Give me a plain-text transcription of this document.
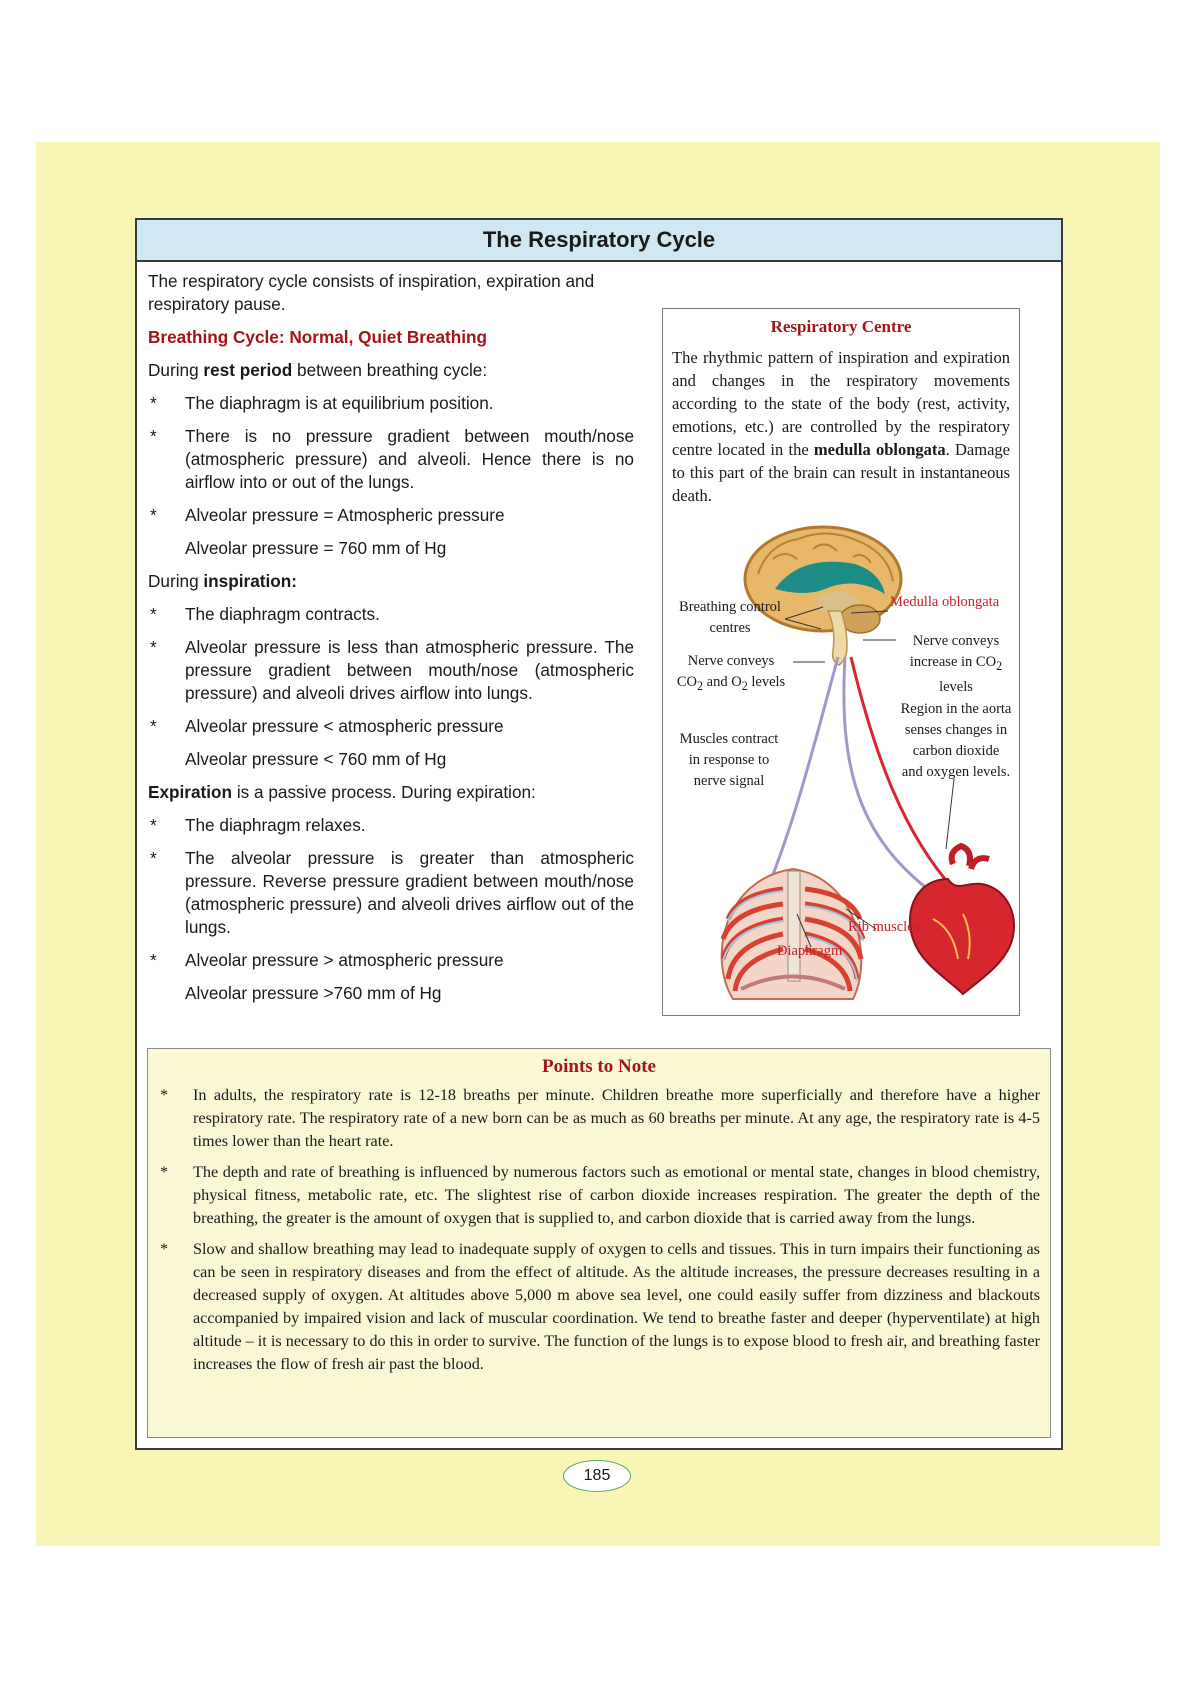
The Respiratory Cycle

The respiratory cycle consists of inspiration, expiration and respiratory pause.

Breathing Cycle: Normal, Quiet Breathing

During rest period between breathing cycle:

* The diaphragm is at equilibrium position.
* There is no pressure gradient between mouth/nose (atmospheric pressure) and alveoli. Hence there is no airflow into or out of the lungs.
* Alveolar pressure = Atmospheric pressure
Alveolar pressure = 760 mm of Hg

During inspiration:

* The diaphragm contracts.
* Alveolar pressure is less than atmospheric pressure. The pressure gradient between mouth/nose (atmospheric pressure) and alveoli drives airflow into lungs.
* Alveolar pressure < atmospheric pressure
Alveolar pressure < 760 mm of Hg

Expiration is a passive process. During expiration:

* The diaphragm relaxes.
* The alveolar pressure is greater than atmospheric pressure. Reverse pressure gradient between mouth/nose (atmospheric pressure) and alveoli drives airflow out of the lungs.
* Alveolar pressure > atmospheric pressure
Alveolar pressure >760 mm of Hg
Respiratory Centre
The rhythmic pattern of inspiration and expiration and changes in the respiratory movements according to the state of the body (rest, activity, emotions, etc.) are controlled by the respiratory centre located in the medulla oblongata. Damage to this part of the brain can result in instantaneous death.
Breathing control
centres
Medulla oblongata
Nerve conveys
increase in $CO_2$
levels
Nerve conveys
$CO_2$ and $O_2$ levels
Region in the aorta
senses changes in
carbon dioxide
and oxygen levels.
Muscles contract
in response to
nerve signal
Rib muscles
Diaphragm
Points to Note
* In adults, the respiratory rate is 12-18 breaths per minute. Children breathe more superficially and therefore have a higher respiratory rate. The respiratory rate of a new born can be as much as 60 breaths per minute. At any age, the respiratory rate is 4-5 times lower than the heart rate.
* The depth and rate of breathing is influenced by numerous factors such as emotional or mental state, changes in blood chemistry, physical fitness, metabolic rate, etc. The slightest rise of carbon dioxide increases respiration. The greater the depth of the breathing, the greater is the amount of oxygen that is supplied to, and carbon dioxide that is carried away from the lungs.
* Slow and shallow breathing may lead to inadequate supply of oxygen to cells and tissues. This in turn impairs their functioning as can be seen in respiratory diseases and from the effect of altitude. As the altitude increases, the pressure decreases resulting in a decreased supply of oxygen. At altitudes above 5,000 m above sea level, one could easily suffer from dizziness and blackouts accompanied by impaired vision and lack of muscular coordination. We tend to breathe faster and deeper (hyperventilate) at high altitude – it is necessary to do this in order to survive. The function of the lungs is to expose blood to fresh air, and breathing faster increases the flow of fresh air past the blood.
185
